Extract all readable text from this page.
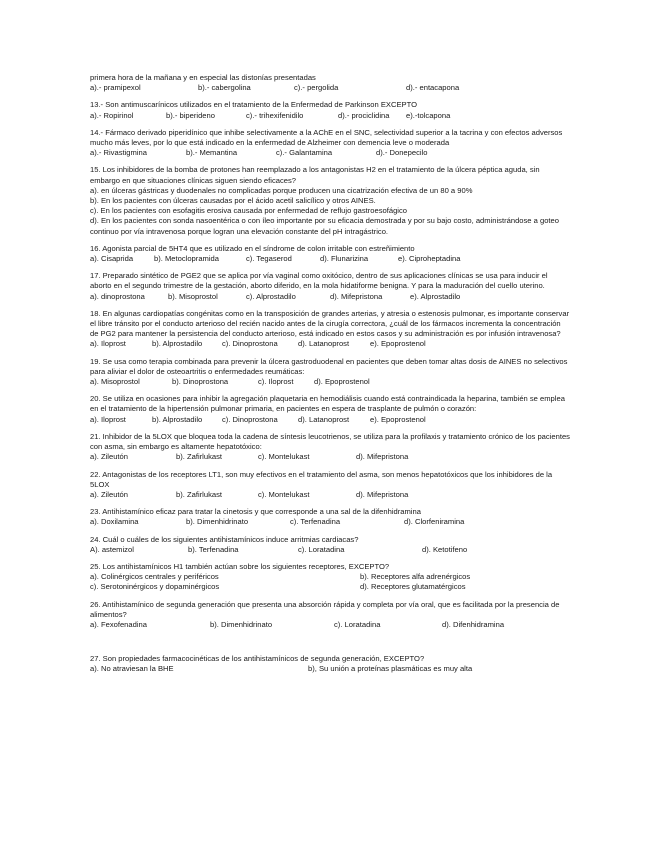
primera hora de la mañana y en especial las distonías presentadas

a).- pramipexol	b).- cabergolina	c).- pergolida	d).- entacapona

13.- Son antimuscarínicos utilizados en el tratamiento de la Enfermedad de Parkinson EXCEPTO

a).- Ropirinol	b).- biperideno	c).- trihexifenidilo	d).- prociclidina	e).-tolcapona

14.- Fármaco derivado piperidínico que inhibe selectivamente a la AChE en el SNC, selectividad superior a la tacrina y con efectos adversos mucho más leves, por lo que está indicado en la enfermedad de Alzheimer con demencia leve o moderada

a).- Rivastigmina	b).- Memantina	c).- Galantamina	d).- Donepecilo

15. Los inhibidores de la bomba de protones han reemplazado a los antagonistas H2 en el tratamiento de la úlcera péptica aguda, sin embargo en que situaciones clínicas siguen siendo eficaces?

a). en úlceras gástricas y duodenales no complicadas porque producen una cicatrización efectiva de un 80 a 90%

b). En los pacientes con úlceras causadas por el ácido acetil salicílico y otros AINES.

c). En los pacientes con esofagitis erosiva causada por enfermedad de reflujo gastroesofágico

d). En los pacientes con sonda nasoentérica o con íleo importante por su eficacia demostrada y por su bajo costo, administrándose a goteo continuo por vía intravenosa porque logran una elevación constante del pH intragástrico.

16. Agonista parcial de 5HT4 que es utilizado en el síndrome de colon irritable con estreñimiento

a). Cisaprida	b). Metoclopramida	c). Tegaserod	d). Flunarizina	e). Ciproheptadina

17. Preparado sintético de PGE2 que se aplica por vía vaginal como oxitócico, dentro de sus aplicaciones clínicas se usa para inducir el aborto en el segundo trimestre de la gestación, aborto diferido, en la mola hidatiforme benigna. Y para la maduración del cuello uterino.

a). dinoprostona	b). Misoprostol	c). Alprostadilo	d). Mifepristona	e). Alprostadilo

18. En algunas cardiopatías congénitas como en la transposición de grandes arterias, y atresia o estenosis pulmonar, es importante conservar el libre tránsito por el conducto arterioso del recién nacido antes de la cirugía correctora, ¿cuál de los fármacos incrementa la concentración de PG2 para mantener la persistencia del conducto arterioso, está indicado en estos casos y su administración es por infusión intravenosa?

a). Iloprost	b). Alprostadilo	c). Dinoprostona	d). Latanoprost	e). Epoprostenol

19. Se usa como terapia combinada para prevenir la úlcera gastroduodenal en pacientes que deben tomar altas dosis de AINES no selectivos para aliviar el dolor de osteoartritis o enfermedades reumáticas:

a). Misoprostol	b). Dinoprostona	c). Iloprost	d). Epoprostenol

20. Se utiliza en ocasiones para inhibir la agregación plaquetaria en hemodiálisis cuando está contraindicada la heparina, también se emplea en el tratamiento de la hipertensión pulmonar primaria, en pacientes en espera de trasplante de pulmón o corazón:

a). Iloprost	b). Alprostadilo	c). Dinoprostona	d). Latanoprost	e). Epoprostenol

21. Inhibidor de la 5LOX que bloquea toda la cadena de síntesis leucotrienos, se utiliza para la profilaxis y tratamiento crónico de los pacientes con asma, sin embargo es altamente hepatotóxico:

a). Zileutón	b). Zafirlukast	c). Montelukast	d). Mifepristona

22. Antagonistas de los receptores LT1, son muy efectivos en el tratamiento del asma, son menos hepatotóxicos que los inhibidores de la 5LOX

a). Zileutón	b). Zafirlukast	c). Montelukast	d). Mifepristona

23. Antihistamínico eficaz para tratar la cinetosis y que corresponde a una sal de la difenhidramina

a). Doxilamina	b). Dimenhidrinato	c). Terfenadina	d). Clorfeniramina

24. Cuál o cuáles de los siguientes antihistamínicos induce arritmias cardiacas?

A). astemizol	b). Terfenadina	c). Loratadina	d). Ketotifeno

25. Los antihistamínicos H1 también actúan sobre los siguientes receptores, EXCEPTO?

a). Colinérgicos centrales y periféricos	b). Receptores alfa adrenérgicos
c). Serotoninérgicos y dopaminérgicos	d). Receptores glutamatérgicos

26. Antihistamínico de segunda generación que presenta una absorción rápida y completa por vía oral, que es facilitada por la presencia de alimentos?

a). Fexofenadina	b). Dimenhidrinato	c). Loratadina	d). Difenhidramina

27. Son propiedades farmacocinéticas de los antihistamínicos de segunda generación, EXCEPTO?

a). No atraviesan la BHE	b), Su unión a proteínas plasmáticas es muy alta
